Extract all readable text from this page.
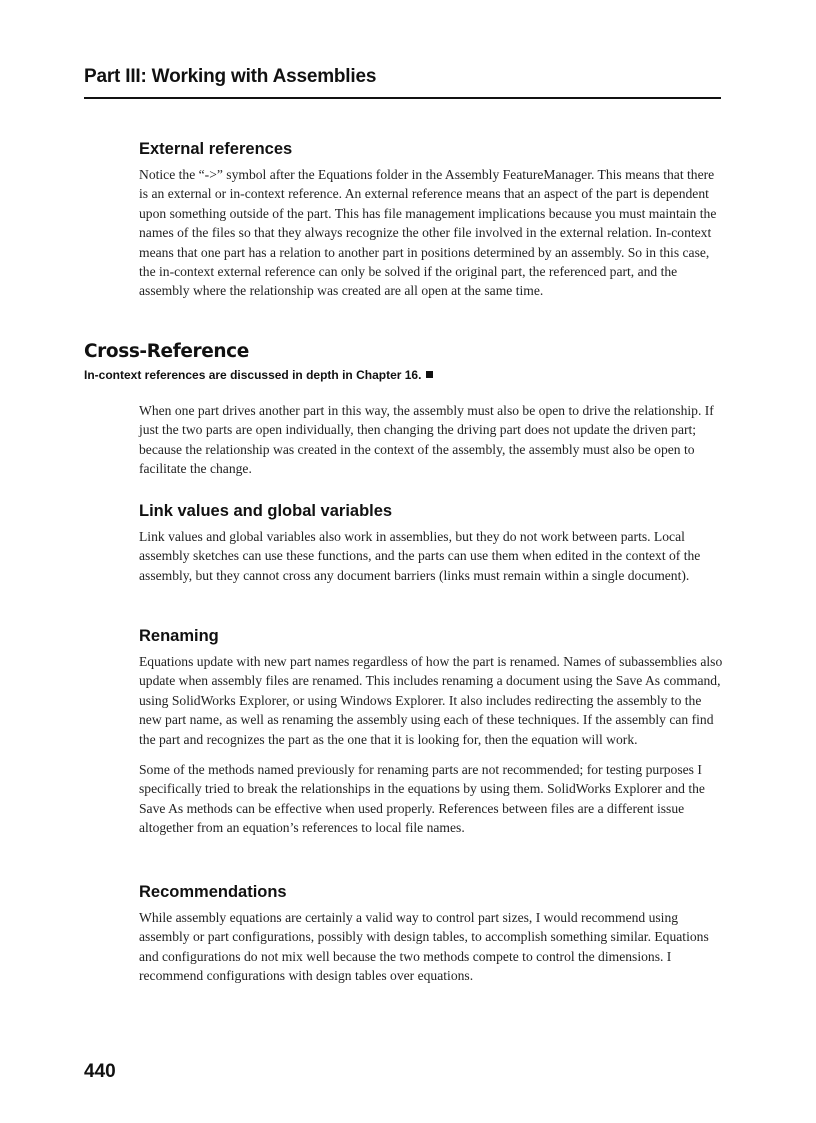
Part III: Working with Assemblies
External references

Notice the “->” symbol after the Equations folder in the Assembly FeatureManager. This means that there is an external or in-context reference. An external reference means that an aspect of the part is dependent upon something outside of the part. This has file management implications because you must maintain the names of the files so that they always recognize the other file involved in the external relation. In-context means that one part has a relation to another part in positions determined by an assembly. So in this case, the in-context external reference can only be solved if the original part, the referenced part, and the assembly where the relationship was created are all open at the same time.

Cross-Reference
In-context references are discussed in depth in Chapter 16.

When one part drives another part in this way, the assembly must also be open to drive the relationship. If just the two parts are open individually, then changing the driving part does not update the driven part; because the relationship was created in the context of the assembly, the assembly must also be open to facilitate the change.

Link values and global variables

Link values and global variables also work in assemblies, but they do not work between parts. Local assembly sketches can use these functions, and the parts can use them when edited in the context of the assembly, but they cannot cross any document barriers (links must remain within a single document).

Renaming

Equations update with new part names regardless of how the part is renamed. Names of subassemblies also update when assembly files are renamed. This includes renaming a document using the Save As command, using SolidWorks Explorer, or using Windows Explorer. It also includes redirecting the assembly to the new part name, as well as renaming the assembly using each of these techniques. If the assembly can find the part and recognizes the part as the one that it is looking for, then the equation will work.

Some of the methods named previously for renaming parts are not recommended; for testing purposes I specifically tried to break the relationships in the equations by using them. SolidWorks Explorer and the Save As methods can be effective when used properly. References between files are a different issue altogether from an equation’s references to local file names.

Recommendations

While assembly equations are certainly a valid way to control part sizes, I would recommend using assembly or part configurations, possibly with design tables, to accomplish something similar. Equations and configurations do not mix well because the two methods compete to control the dimensions. I recommend configurations with design tables over equations.

440
